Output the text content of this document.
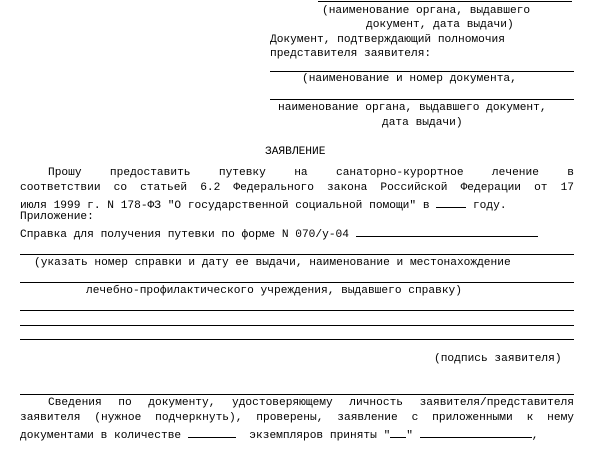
(наименование органа, выдавшего
документ, дата выдачи)
Документ, подтверждающий полномочия
представителя заявителя:
(наименование и номер документа,
наименование органа, выдавшего документ,
дата выдачи)
ЗАЯВЛЕНИЕ
Прошу предоставить путевку на санаторно-курортное лечение в
соответствии со статьей 6.2 Федерального закона Российской Федерации от 17
июля 1999 г. N 178-ФЗ "О государственной социальной помощи" в	году.
Приложение:
Справка для получения путевки по форме N 070/у-04
(указать номер справки и дату ее выдачи, наименование и местонахождение
лечебно-профилактического учреждения, выдавшего справку)
(подпись заявителя)
Сведения по документу, удостоверяющему личность заявителя/представителя
заявителя (нужное подчеркнуть), проверены, заявление с приложенными к нему
документами в количестве	экземпляров приняты " "	,
